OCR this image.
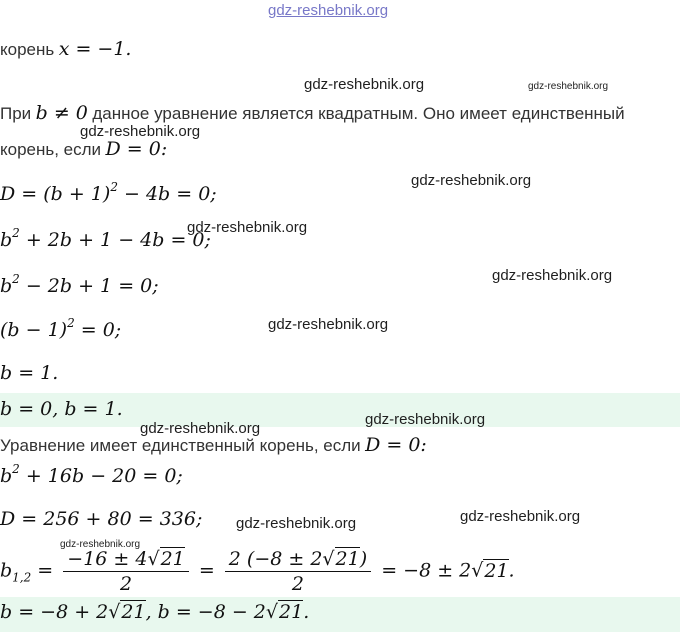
gdz-reshebnik.org
корень x = −1.
При b ≠ 0 данное уравнение является квадратным. Оно имеет единственный
корень, если D = 0:
$D = (b + 1)^2 - 4b = 0$;
$b^2 + 2b + 1 - 4b = 0$;
$b^2 - 2b + 1 = 0$;
$(b - 1)^2 = 0$;
b = 1.
b = 0, b = 1.
Уравнение имеет единственный корень, если D = 0:
$b^2 + 16b - 20 = 0$;
D = 256 + 80 = 336;
$b_{1,2} = \frac{-16 \pm 4√21}{2} = \frac{2 (-8 \pm 2√21)}{2} = -8 \pm 2√21$.
b = −8 + 2√21, b = −8 − 2√21.
gdz-reshebnik.org	gdz-reshebnik.org
gdz-reshebnik.org
gdz-reshebnik.org
gdz-reshebnik.org
gdz-reshebnik.org
gdz-reshebnik.org
gdz-reshebnik.org
gdz-reshebnik.org
gdz-reshebnik.org	gdz-reshebnik.org
gdz-reshebnik.org
